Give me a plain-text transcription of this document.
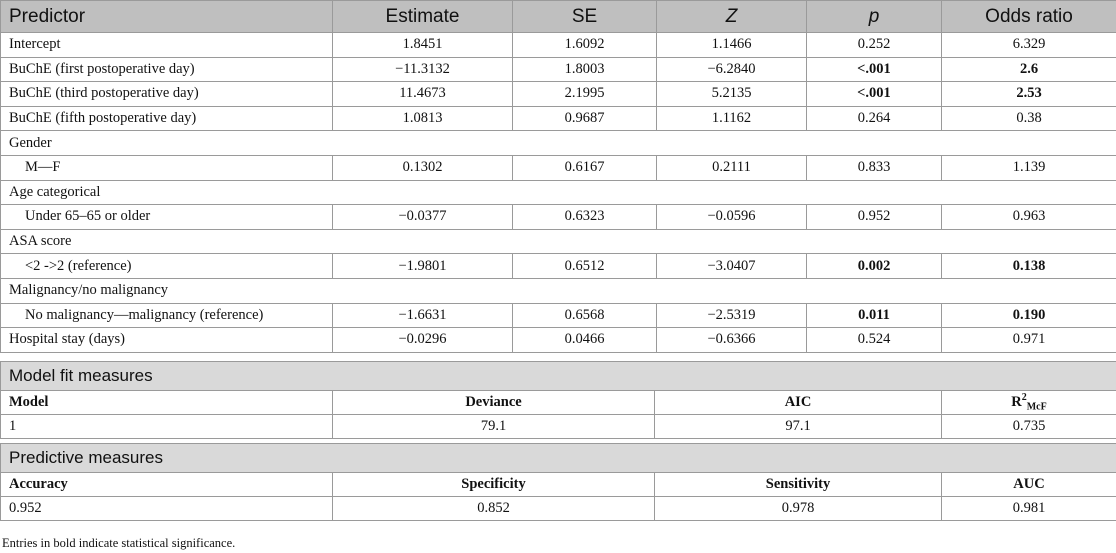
Predictor	Estimate	SE	Z	p	Odds ratio
Intercept	1.8451	1.6092	1.1466	0.252	6.329
BuChE (first postoperative day)	−11.3132	1.8003	−6.2840	<.001	2.6
BuChE (third postoperative day)	11.4673	2.1995	5.2135	<.001	2.53
BuChE (fifth postoperative day)	1.0813	0.9687	1.1162	0.264	0.38
Gender					
M—F	0.1302	0.6167	0.2111	0.833	1.139
Age categorical					
Under 65–65 or older	−0.0377	0.6323	−0.0596	0.952	0.963
ASA score					
<2 ->2 (reference)	−1.9801	0.6512	−3.0407	0.002	0.138
Malignancy/no malignancy					
No malignancy—malignancy (reference)	−1.6631	0.6568	−2.5319	0.011	0.190
Hospital stay (days)	−0.0296	0.0466	−0.6366	0.524	0.971
Model fit measures			
Model	Deviance	AIC	$R^2_{McF}$
1	79.1	97.1	0.735
Predictive measures			
Accuracy	Specificity	Sensitivity	AUC
0.952	0.852	0.978	0.981
Entries in bold indicate statistical significance.
